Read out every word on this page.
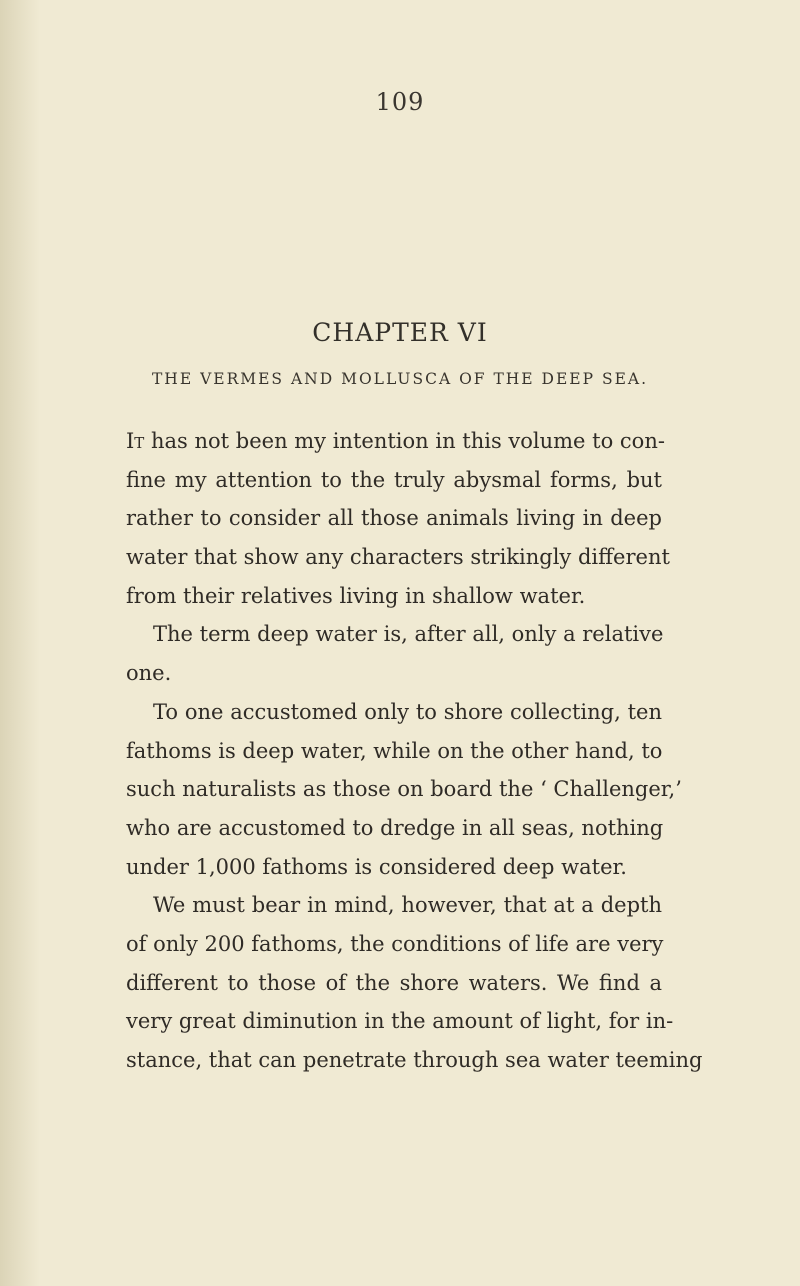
109
CHAPTER VI
THE VERMES AND MOLLUSCA OF THE DEEP SEA.
It has not been my intention in this volume to con-
fine my attention to the truly abysmal forms, but
rather to consider all those animals living in deep
water that show any characters strikingly different
from their relatives living in shallow water.
The term deep water is, after all, only a relative
one.
To one accustomed only to shore collecting, ten
fathoms is deep water, while on the other hand, to
such naturalists as those on board the ‘ Challenger,’
who are accustomed to dredge in all seas, nothing
under 1,000 fathoms is considered deep water.
We must bear in mind, however, that at a depth
of only 200 fathoms, the conditions of life are very
different to those of the shore waters. We find a
very great diminution in the amount of light, for in-
stance, that can penetrate through sea water teeming
